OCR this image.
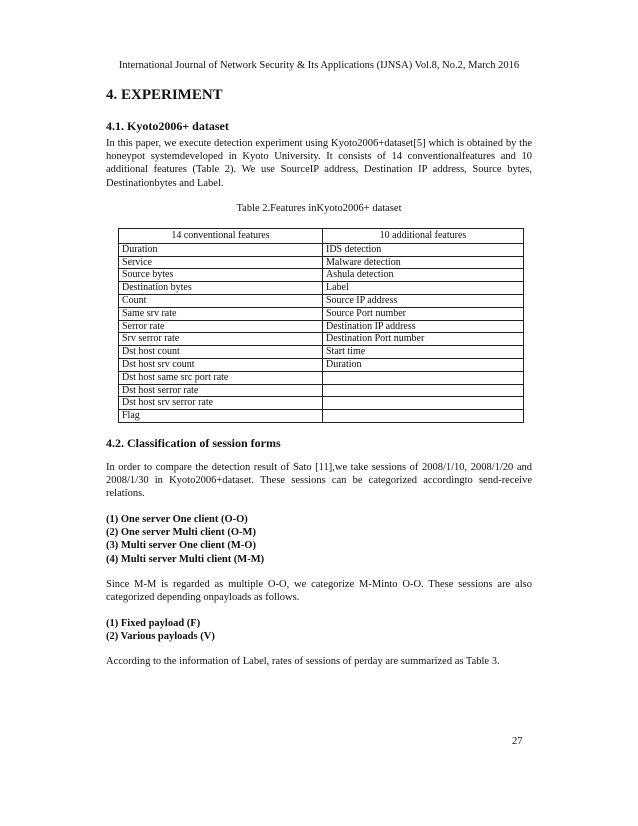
International Journal of Network Security & Its Applications (IJNSA) Vol.8, No.2, March 2016
4. EXPERIMENT
4.1. Kyoto2006+ dataset

In this paper, we execute detection experiment using Kyoto2006+dataset[5] which is obtained by the honeypot systemdeveloped in Kyoto University. It consists of 14 conventionalfeatures and 10 additional features (Table 2). We use SourceIP address, Destination IP address, Source bytes, Destinationbytes and Label.

Table 2.Features inKyoto2006+ dataset

14 conventional features	10 additional features
Duration	IDS detection
Service	Malware detection
Source bytes	Ashula detection
Destination bytes	Label
Count	Source IP address
Same srv rate	Source Port number
Serror rate	Destination IP address
Srv serror rate	Destination Port number
Dst host count	Start time
Dst host srv count	Duration
Dst host same src port rate	
Dst host serror rate	
Dst host srv serror rate	
Flag	
4.2. Classification of session forms

In order to compare the detection result of Sato [11],we take sessions of 2008/1/10, 2008/1/20 and 2008/1/30 in Kyoto2006+dataset. These sessions can be categorized accordingto send-receive relations.

(1) One server One client (O-O)

(2) One server Multi client (O-M)

(3) Multi server One client (M-O)

(4) Multi server Multi client (M-M)

Since M-M is regarded as multiple O-O, we categorize M-Minto O-O. These sessions are also categorized depending onpayloads as follows.

(1) Fixed payload (F)

(2) Various payloads (V)

According to the information of Label, rates of sessions of perday are summarized as Table 3.

27
